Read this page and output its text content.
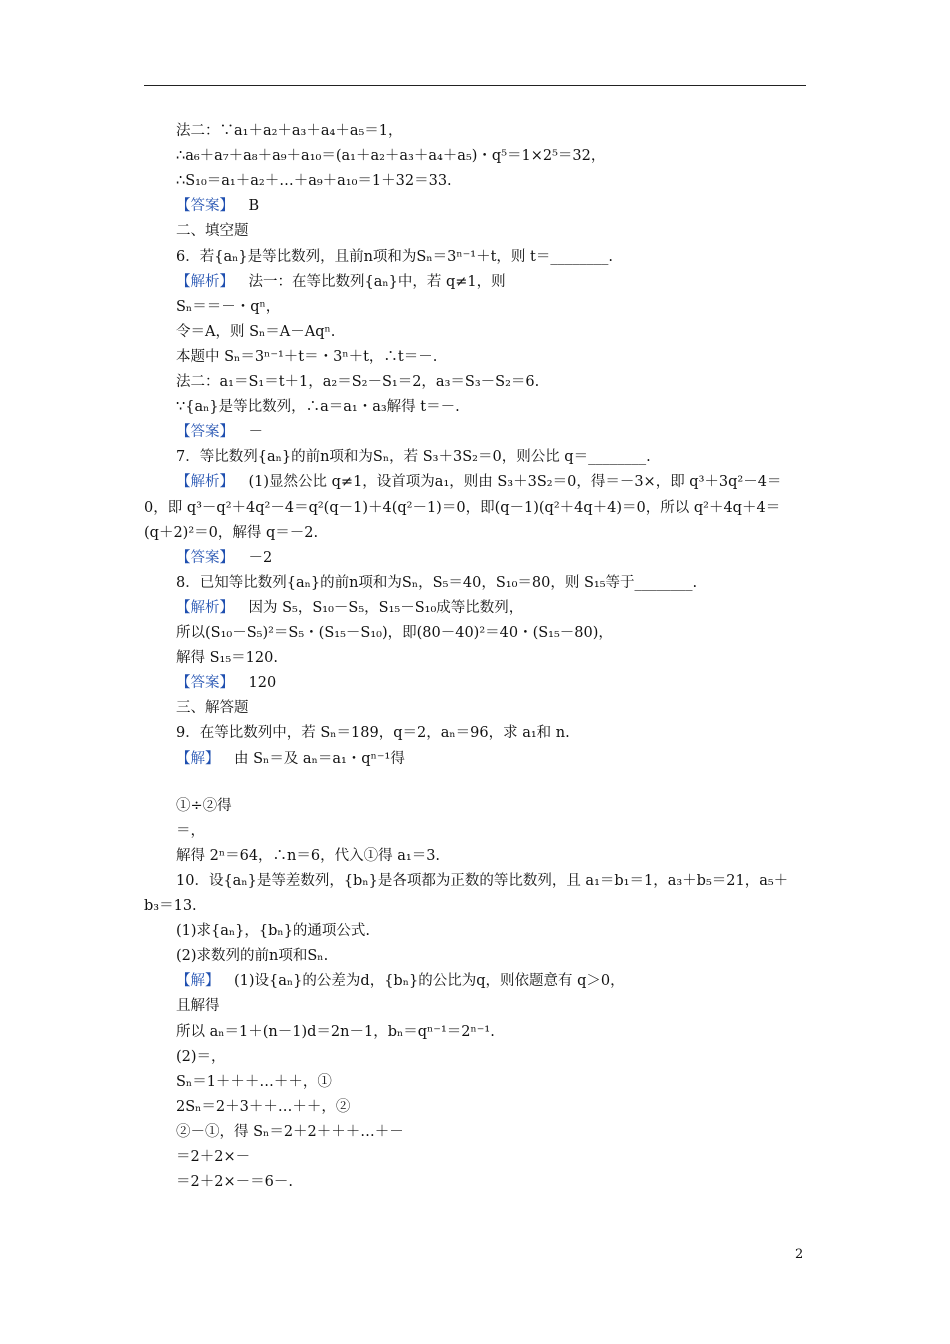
法二：∵a₁＋a₂＋a₃＋a₄＋a₅＝1，
∴a₆＋a₇＋a₈＋a₉＋a₁₀＝(a₁＋a₂＋a₃＋a₄＋a₅)・q⁵＝1×2⁵＝32，
∴S₁₀＝a₁＋a₂＋…＋a₉＋a₁₀＝1＋32＝33.
【答案】  B
二、填空题
6．若{aₙ}是等比数列，且前n项和为Sₙ＝3ⁿ⁻¹＋t，则 t＝________.
【解析】  法一：在等比数列{aₙ}中，若 q≠1，则
Sₙ＝＝－・qⁿ，
令＝A，则 Sₙ＝A－Aqⁿ.
本题中 Sₙ＝3ⁿ⁻¹＋t＝・3ⁿ＋t，∴t＝－.
法二：a₁＝S₁＝t＋1，a₂＝S₂－S₁＝2，a₃＝S₃－S₂＝6.
∵{aₙ}是等比数列，∴a＝a₁・a₃解得 t＝－.
【答案】  －
7．等比数列{aₙ}的前n项和为Sₙ，若 S₃＋3S₂＝0，则公比 q＝________.
【解析】  (1)显然公比 q≠1，设首项为a₁，则由 S₃＋3S₂＝0，得＝－3×，即 q³＋3q²－4＝
0，即 q³－q²＋4q²－4＝q²(q－1)＋4(q²－1)＝0，即(q－1)(q²＋4q＋4)＝0，所以 q²＋4q＋4＝
(q＋2)²＝0，解得 q＝－2.
【答案】  －2
8．已知等比数列{aₙ}的前n项和为Sₙ，S₅＝40，S₁₀＝80，则 S₁₅等于________.
【解析】  因为 S₅，S₁₀－S₅，S₁₅－S₁₀成等比数列，
所以(S₁₀－S₅)²＝S₅・(S₁₅－S₁₀)，即(80－40)²＝40・(S₁₅－80)，
解得 S₁₅＝120.
【答案】  120
三、解答题
9．在等比数列中，若 Sₙ＝189，q＝2，aₙ＝96，求 a₁和 n.
【解】  由 Sₙ＝及 aₙ＝a₁・qⁿ⁻¹得
①÷②得
＝，
解得 2ⁿ＝64，∴n＝6，代入①得 a₁＝3.
10．设{aₙ}是等差数列，{bₙ}是各项都为正数的等比数列，且 a₁＝b₁＝1，a₃＋b₅＝21，a₅＋
b₃＝13.
(1)求{aₙ}，{bₙ}的通项公式.
(2)求数列的前n项和Sₙ.
【解】  (1)设{aₙ}的公差为d，{bₙ}的公比为q，则依题意有 q＞0，
且解得
所以 aₙ＝1＋(n－1)d＝2n－1，bₙ＝qⁿ⁻¹＝2ⁿ⁻¹.
(2)＝，
Sₙ＝1＋＋＋…＋＋，①
2Sₙ＝2＋3＋＋…＋＋，②
②－①，得 Sₙ＝2＋2＋＋＋…＋－
＝2＋2×－
＝2＋2×－＝6－.
2
